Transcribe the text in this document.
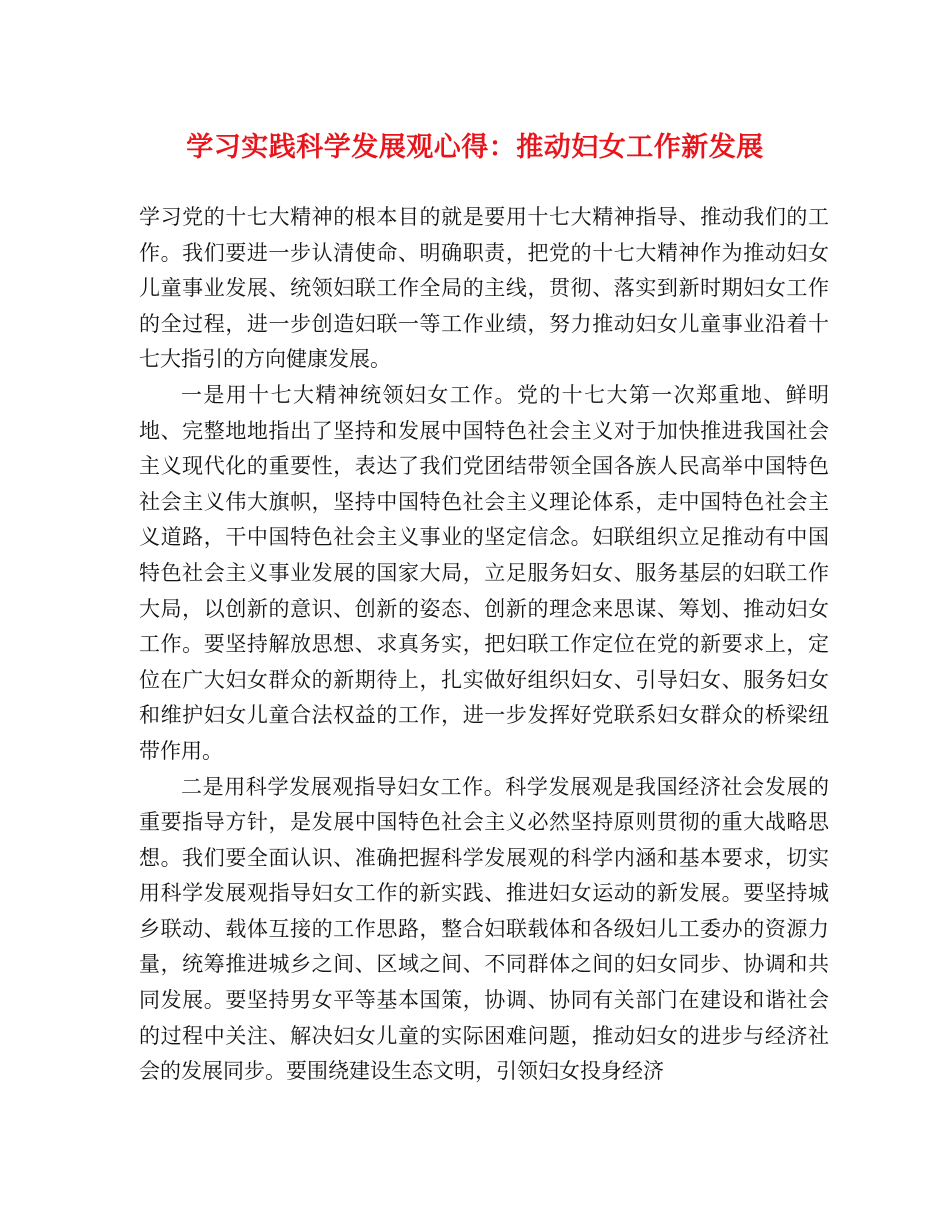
学习实践科学发展观心得：推动妇女工作新发展

学习党的十七大精神的根本目的就是要用十七大精神指导、推动我们的工作。我们要进一步认清使命、明确职责，把党的十七大精神作为推动妇女儿童事业发展、统领妇联工作全局的主线，贯彻、落实到新时期妇女工作的全过程，进一步创造妇联一等工作业绩，努力推动妇女儿童事业沿着十七大指引的方向健康发展。

一是用十七大精神统领妇女工作。党的十七大第一次郑重地、鲜明地、完整地地指出了坚持和发展中国特色社会主义对于加快推进我国社会主义现代化的重要性，表达了我们党团结带领全国各族人民高举中国特色社会主义伟大旗帜，坚持中国特色社会主义理论体系，走中国特色社会主义道路，干中国特色社会主义事业的坚定信念。妇联组织立足推动有中国特色社会主义事业发展的国家大局，立足服务妇女、服务基层的妇联工作大局，以创新的意识、创新的姿态、创新的理念来思谋、筹划、推动妇女工作。要坚持解放思想、求真务实，把妇联工作定位在党的新要求上，定位在广大妇女群众的新期待上，扎实做好组织妇女、引导妇女、服务妇女和维护妇女儿童合法权益的工作，进一步发挥好党联系妇女群众的桥梁纽带作用。

二是用科学发展观指导妇女工作。科学发展观是我国经济社会发展的重要指导方针，是发展中国特色社会主义必然坚持原则贯彻的重大战略思想。我们要全面认识、准确把握科学发展观的科学内涵和基本要求，切实用科学发展观指导妇女工作的新实践、推进妇女运动的新发展。要坚持城乡联动、载体互接的工作思路，整合妇联载体和各级妇儿工委办的资源力量，统筹推进城乡之间、区域之间、不同群体之间的妇女同步、协调和共同发展。要坚持男女平等基本国策，协调、协同有关部门在建设和谐社会的过程中关注、解决妇女儿童的实际困难问题，推动妇女的进步与经济社会的发展同步。要围绕建设生态文明，引领妇女投身经济
